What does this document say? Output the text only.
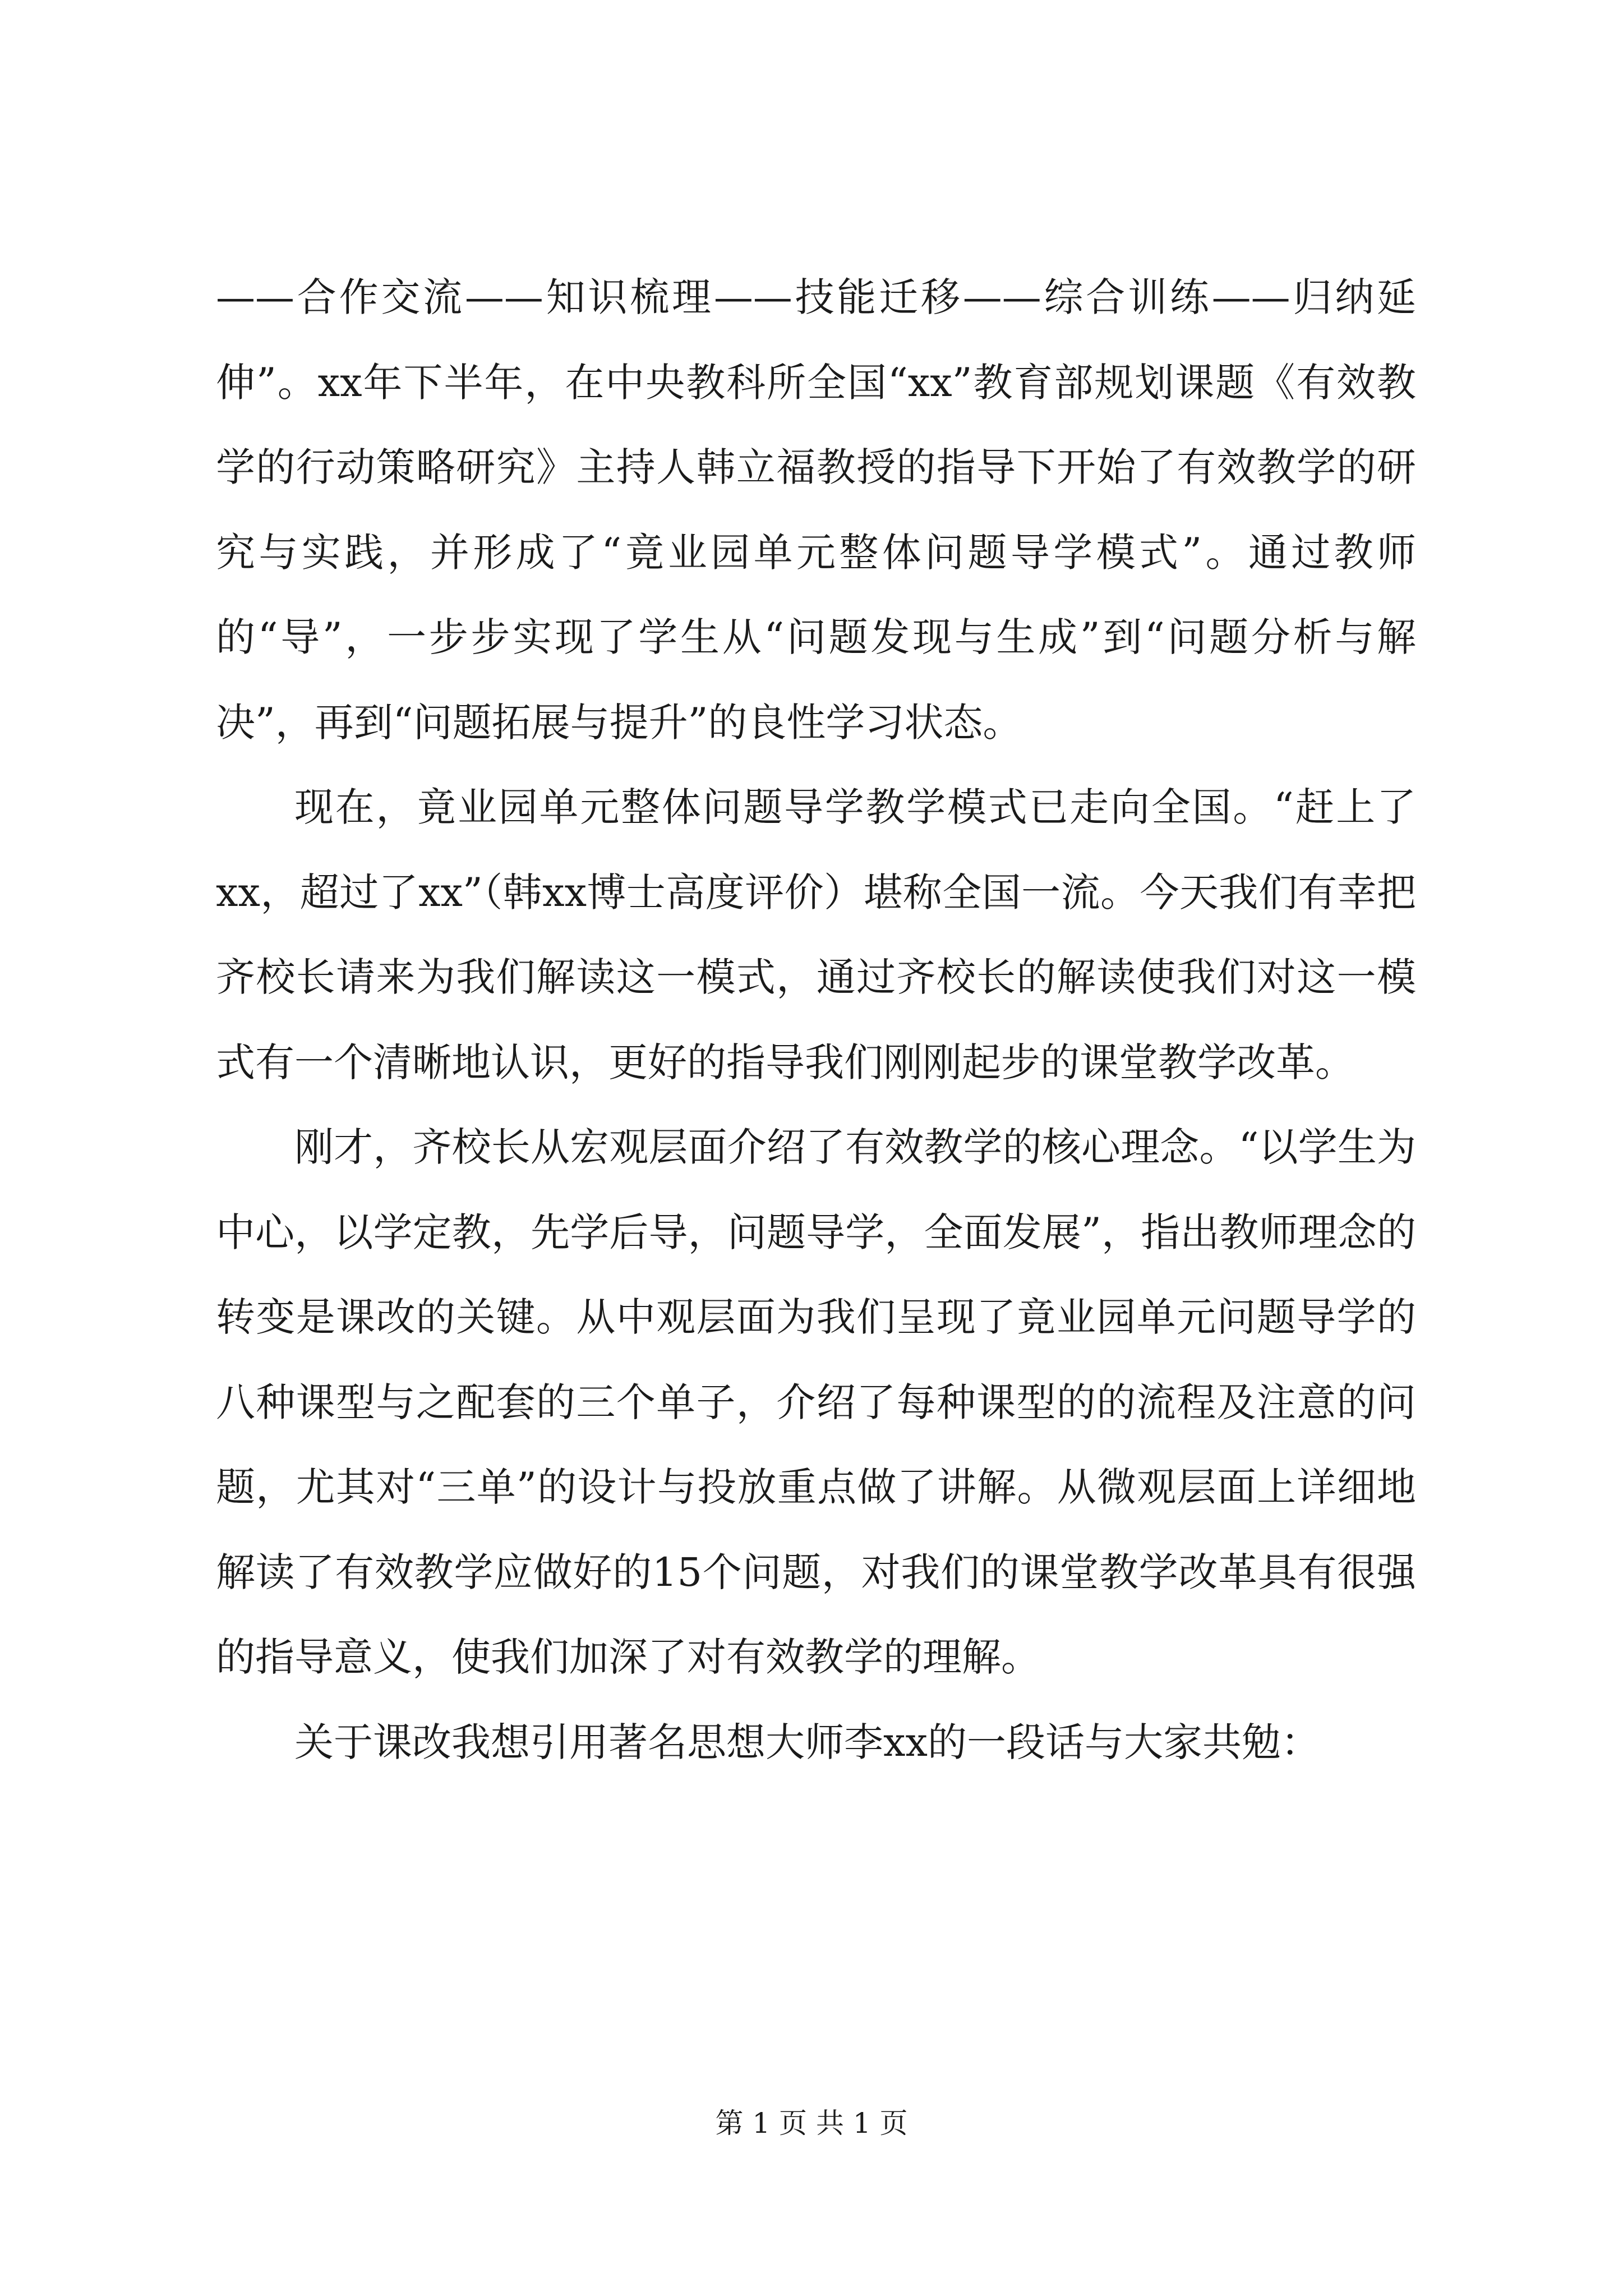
——合作交流——知识梳理——技能迁移——综合训练——归纳延伸”。xx年下半年，在中央教科所全国“xx”教育部规划课题《有效教学的行动策略研究》主持人韩立福教授的指导下开始了有效教学的研究与实践，并形成了“竟业园单元整体问题导学模式”。通过教师的“导”，一步步实现了学生从“问题发现与生成”到“问题分析与解决”，再到“问题拓展与提升”的良性学习状态。

现在，竟业园单元整体问题导学教学模式已走向全国。“赶上了xx，超过了xx”（韩xx博士高度评价）堪称全国一流。今天我们有幸把齐校长请来为我们解读这一模式，通过齐校长的解读使我们对这一模式有一个清晰地认识，更好的指导我们刚刚起步的课堂教学改革。

刚才，齐校长从宏观层面介绍了有效教学的核心理念。“以学生为中心，以学定教，先学后导，问题导学，全面发展”，指出教师理念的转变是课改的关键。从中观层面为我们呈现了竟业园单元问题导学的八种课型与之配套的三个单子，介绍了每种课型的的流程及注意的问题，尤其对“三单”的设计与投放重点做了讲解。从微观层面上详细地解读了有效教学应做好的15个问题，对我们的课堂教学改革具有很强的指导意义，使我们加深了对有效教学的理解。

关于课改我想引用著名思想大师李xx的一段话与大家共勉：

第 1 页 共 1 页
